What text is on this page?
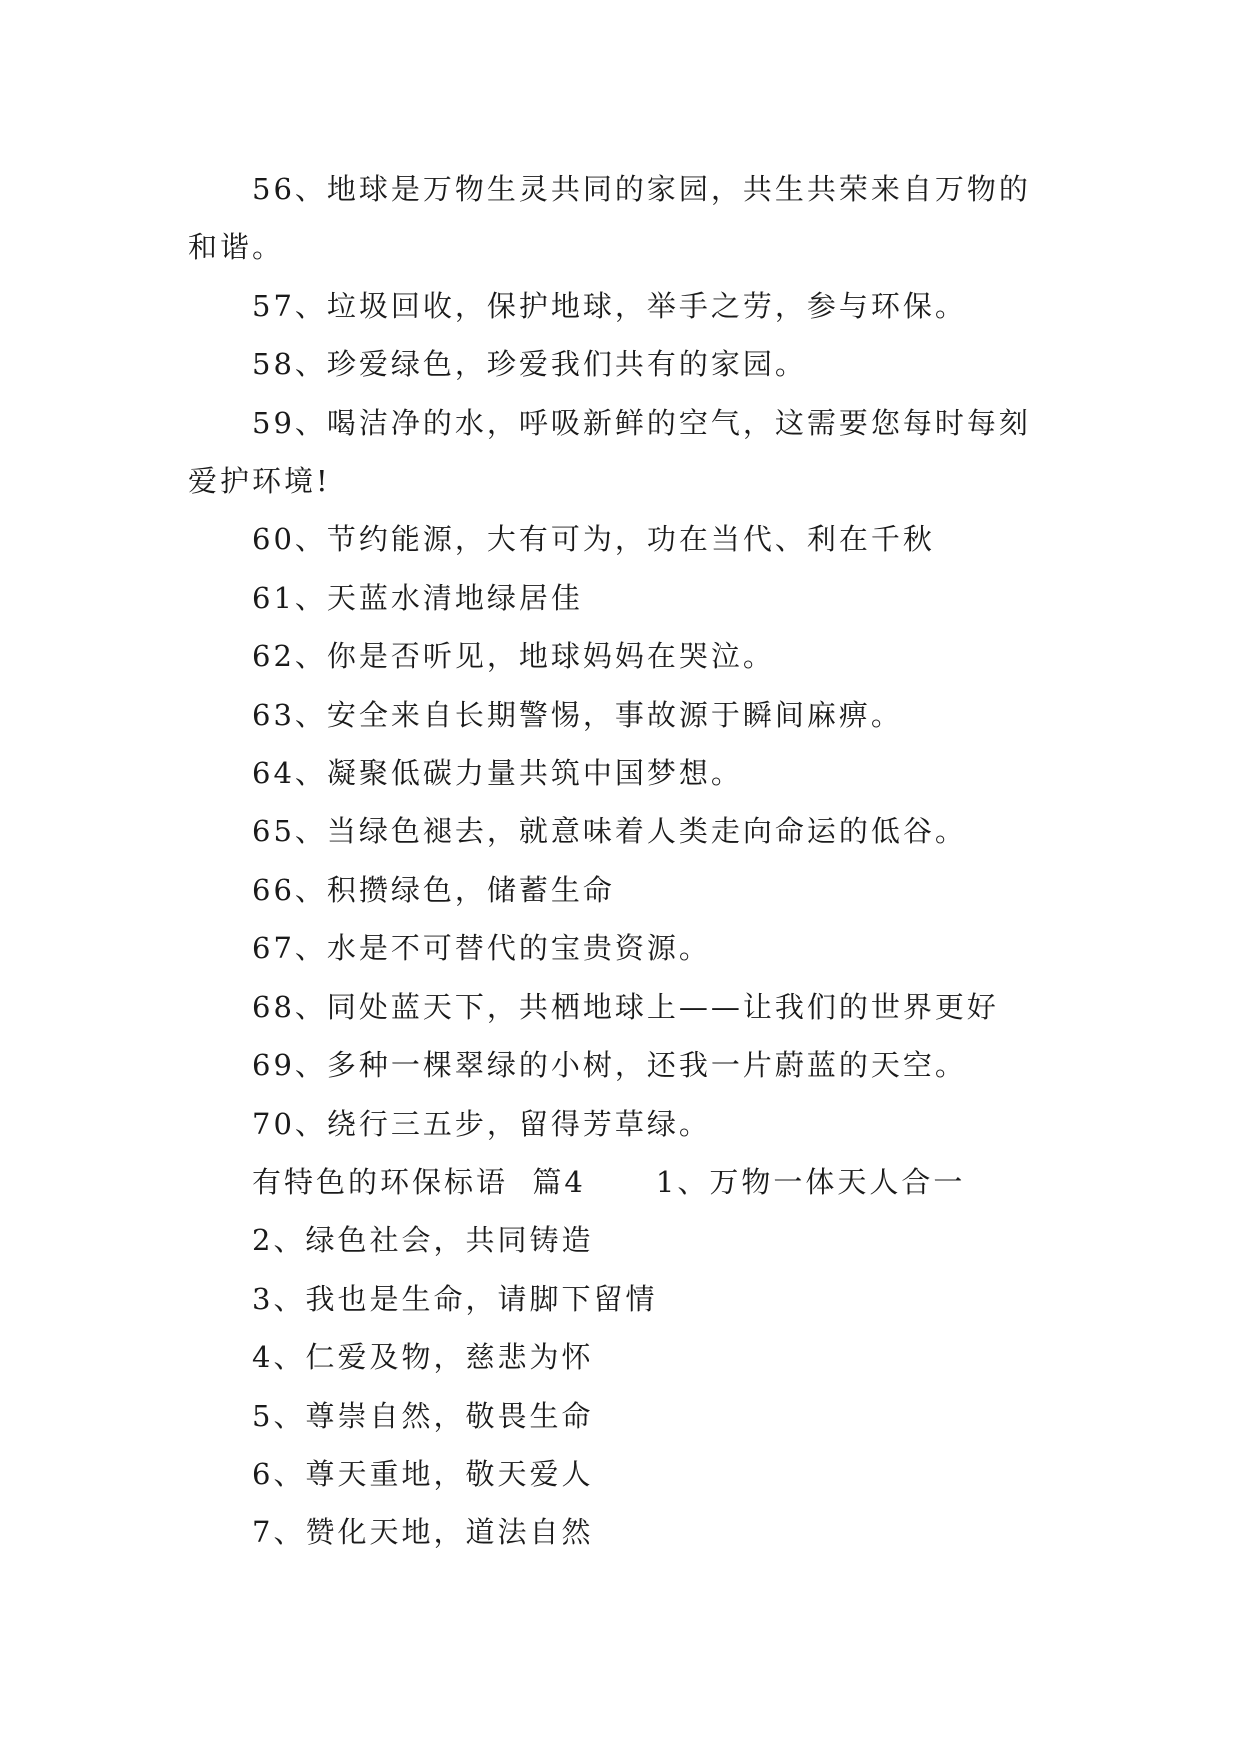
56、地球是万物生灵共同的家园，共生共荣来自万物的

和谐。

57、垃圾回收，保护地球，举手之劳，参与环保。

58、珍爱绿色，珍爱我们共有的家园。

59、喝洁净的水，呼吸新鲜的空气，这需要您每时每刻

爱护环境!

60、节约能源，大有可为，功在当代、利在千秋

61、天蓝水清地绿居佳

62、你是否听见，地球妈妈在哭泣。

63、安全来自长期警惕，事故源于瞬间麻痹。

64、凝聚低碳力量共筑中国梦想。

65、当绿色褪去，就意味着人类走向命运的低谷。

66、积攒绿色，储蓄生命

67、水是不可替代的宝贵资源。

68、同处蓝天下，共栖地球上——让我们的世界更好

69、多种一棵翠绿的小树，还我一片蔚蓝的天空。

70、绕行三五步，留得芳草绿。

有特色的环保标语  篇4 1、万物一体天人合一

2、绿色社会，共同铸造

3、我也是生命，请脚下留情

4、仁爱及物，慈悲为怀

5、尊崇自然，敬畏生命

6、尊天重地，敬天爱人

7、赞化天地，道法自然
